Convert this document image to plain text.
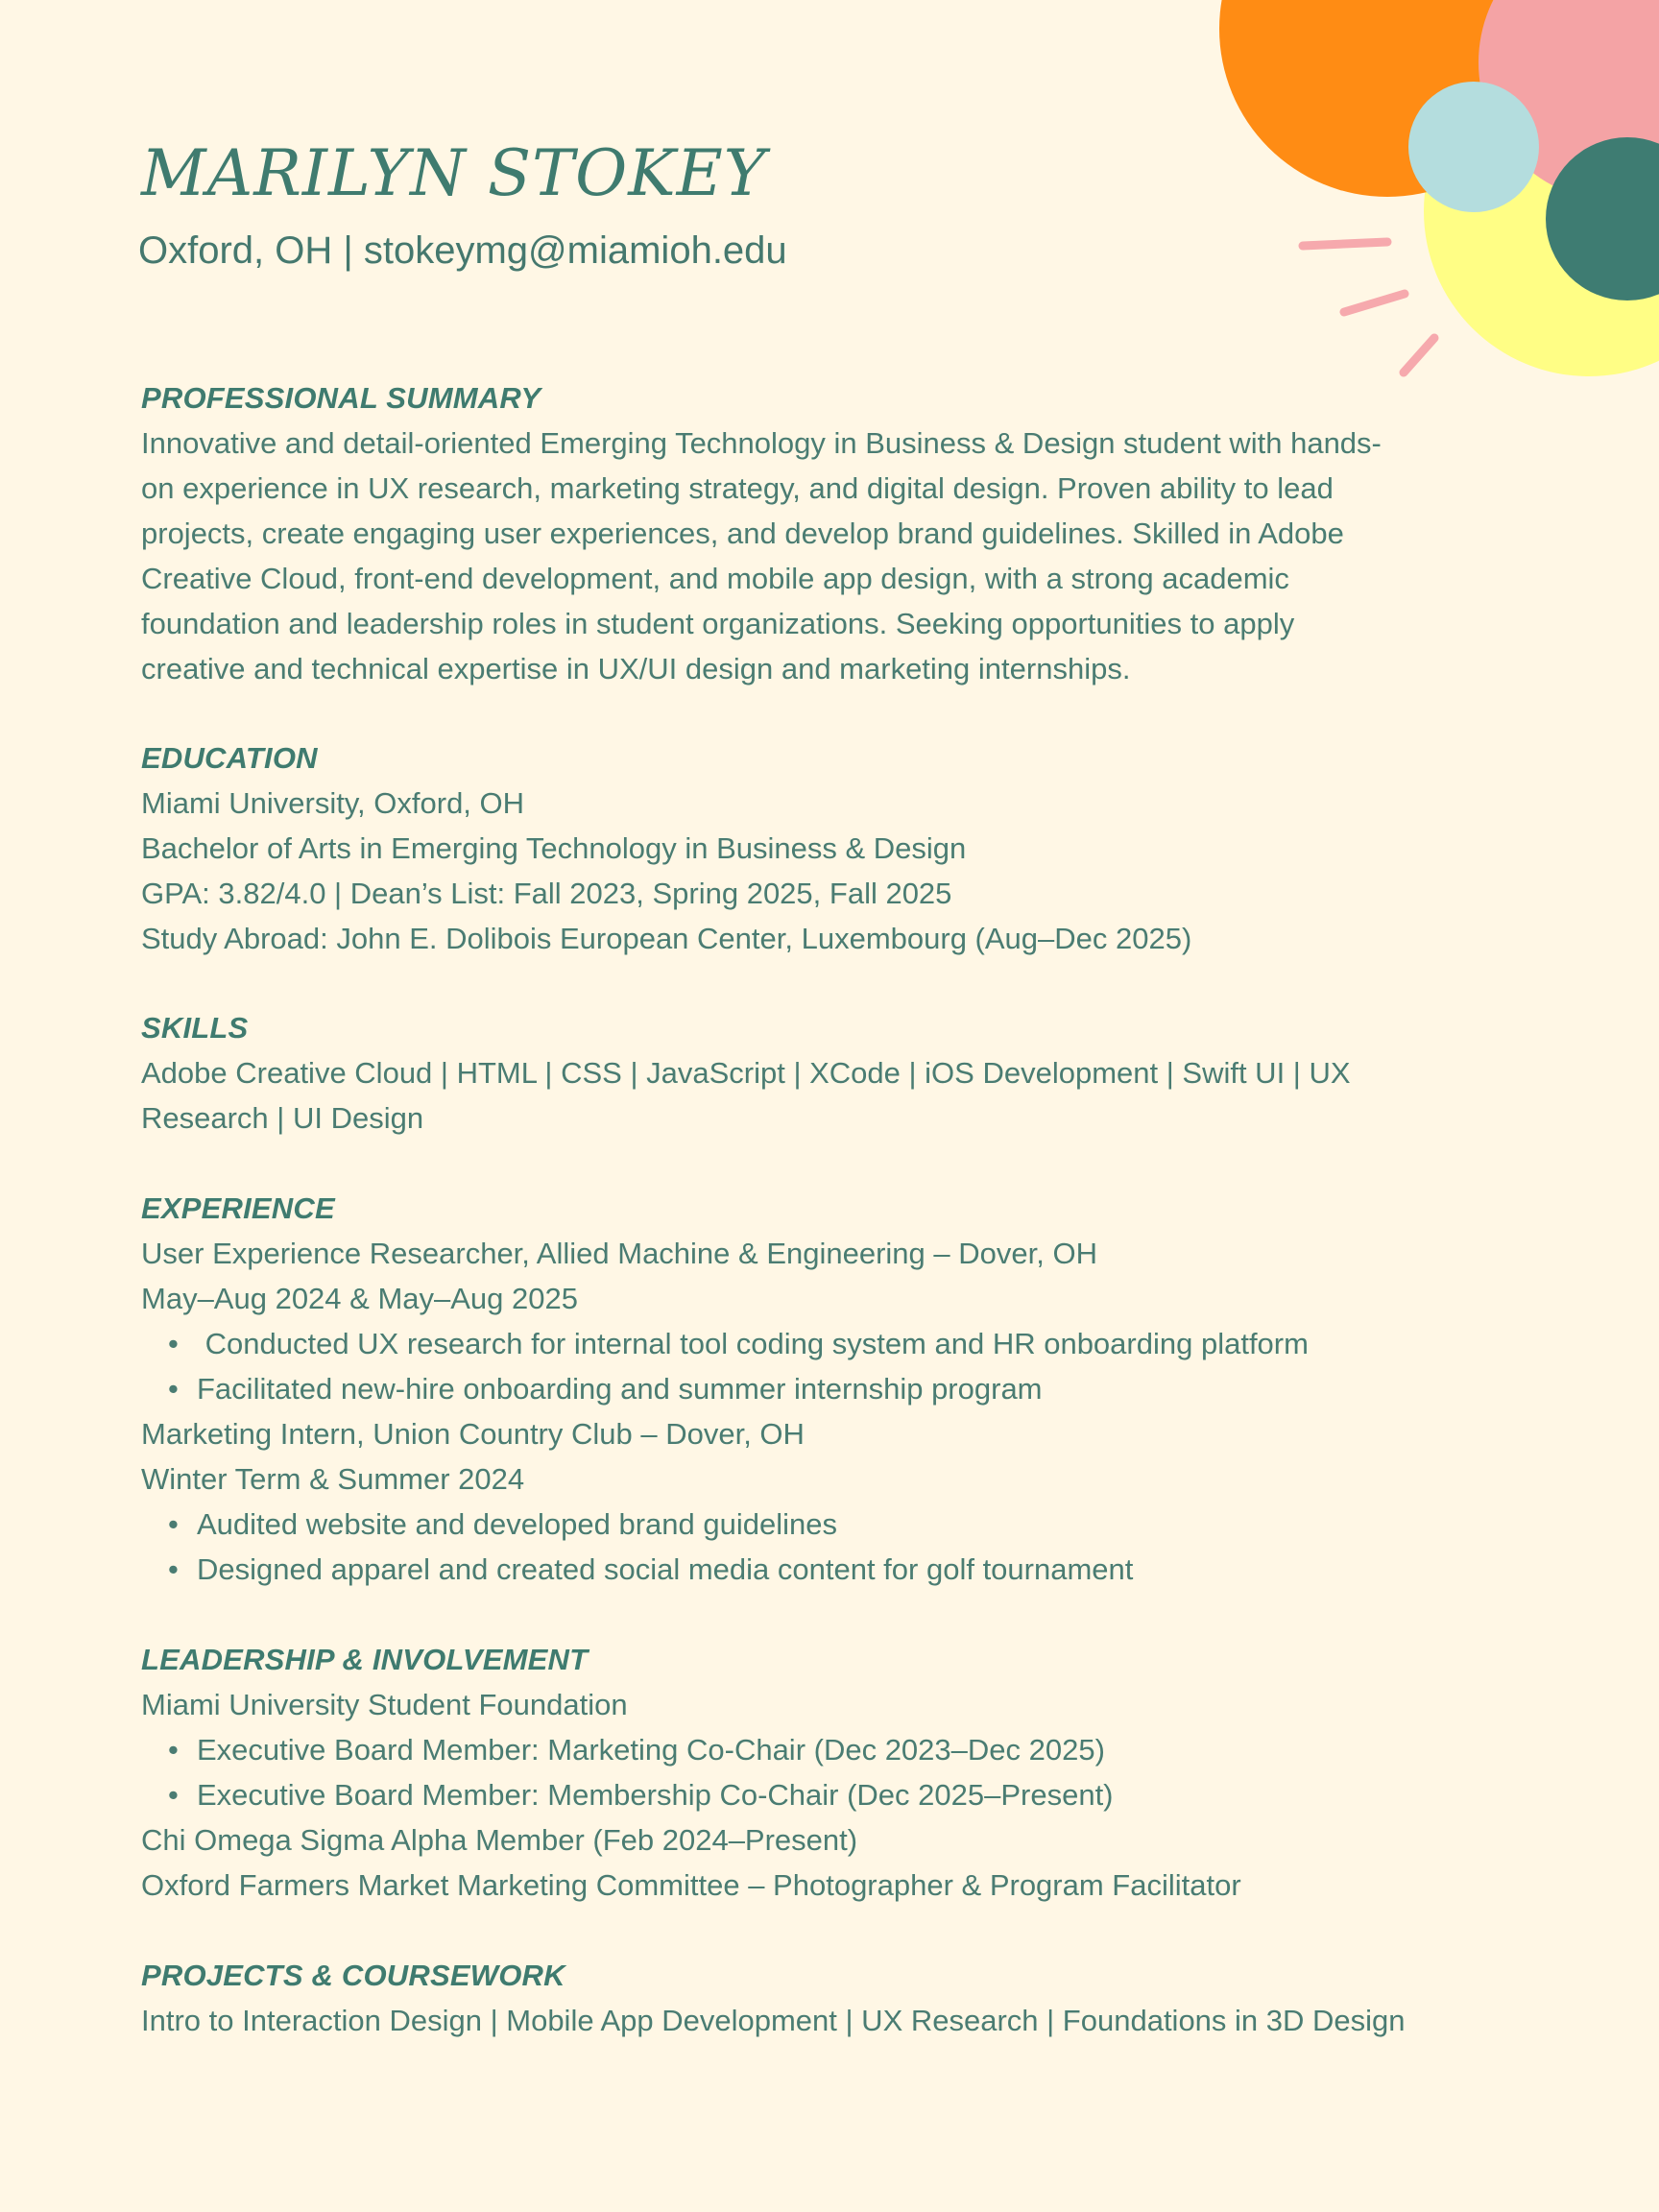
MARILYN STOKEY
Oxford, OH | stokeymg@miamioh.edu
PROFESSIONAL SUMMARY
Innovative and detail-oriented Emerging Technology in Business & Design student with hands-
on experience in UX research, marketing strategy, and digital design. Proven ability to lead
projects, create engaging user experiences, and develop brand guidelines. Skilled in Adobe
Creative Cloud, front-end development, and mobile app design, with a strong academic
foundation and leadership roles in student organizations. Seeking opportunities to apply
creative and technical expertise in UX/UI design and marketing internships.
EDUCATION
Miami University, Oxford, OH
Bachelor of Arts in Emerging Technology in Business & Design
GPA: 3.82/4.0 | Dean’s List: Fall 2023, Spring 2025, Fall 2025
Study Abroad: John E. Dolibois European Center, Luxembourg (Aug–Dec 2025)
SKILLS
Adobe Creative Cloud | HTML | CSS | JavaScript | XCode | iOS Development | Swift UI | UX
Research | UI Design
EXPERIENCE
User Experience Researcher, Allied Machine & Engineering – Dover, OH
May–Aug 2024 & May–Aug 2025
• Conducted UX research for internal tool coding system and HR onboarding platform
• Facilitated new-hire onboarding and summer internship program
Marketing Intern, Union Country Club – Dover, OH
Winter Term & Summer 2024
• Audited website and developed brand guidelines
• Designed apparel and created social media content for golf tournament
LEADERSHIP & INVOLVEMENT
Miami University Student Foundation
• Executive Board Member: Marketing Co-Chair (Dec 2023–Dec 2025)
• Executive Board Member: Membership Co-Chair (Dec 2025–Present)
Chi Omega Sigma Alpha Member (Feb 2024–Present)
Oxford Farmers Market Marketing Committee – Photographer & Program Facilitator
PROJECTS & COURSEWORK
Intro to Interaction Design | Mobile App Development | UX Research | Foundations in 3D Design
